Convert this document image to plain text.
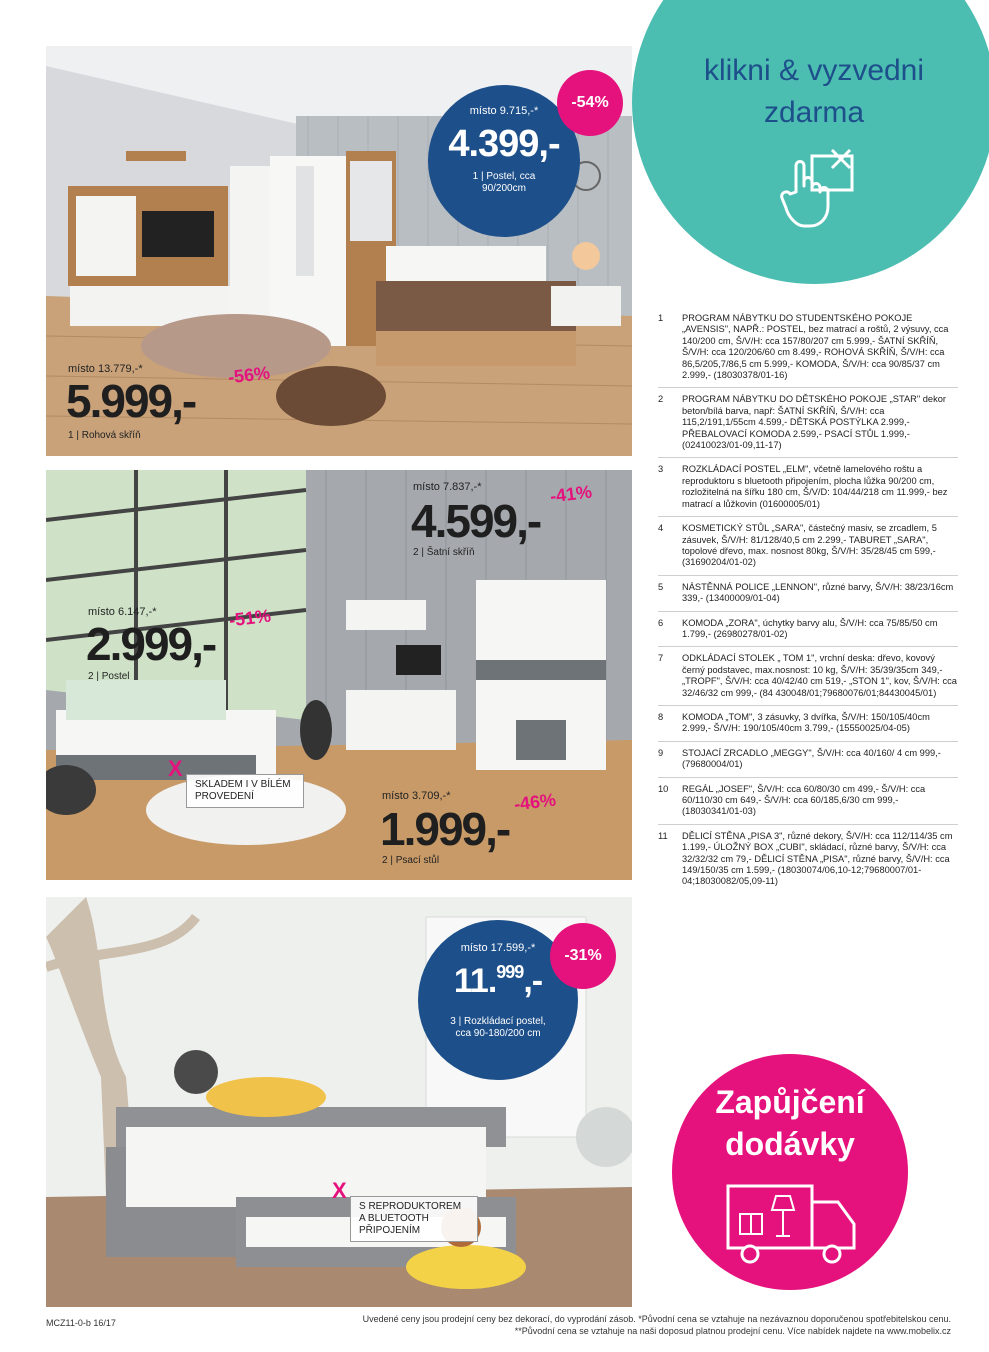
místo 9.715,-*
4.399,-
1 | Postel, cca 90/200cm
-54%
místo 13.779,-*
5.999,- -56%
1 | Rohová skříň
místo 7.837,-*
4.599,-
-41%
2 | Šatní skříň
místo 6.147,-*
2.999,- -51%
2 | Postel
místo 3.709,-*
1.999,-
-46%
2 | Psací stůl
X
SKLADEM I V BÍLÉM PROVEDENÍ
místo 17.599,-*
11.$^{999}$,-
3 | Rozkládací postel, cca 90-180/200 cm
-31%
X
S REPRODUKTOREM A BLUETOOTH PŘIPOJENÍM
klikni & vyzvedni
zdarma
1	PROGRAM NÁBYTKU DO STUDENTSKÉHO POKOJE „AVENSIS", NAPŘ.: POSTEL, bez matrací a roštů, 2 výsuvy, cca 140/200 cm, Š/V/H: cca 157/80/207 cm 5.999,- ŠATNÍ SKŘÍŇ, Š/V/H: cca 120/206/60 cm 8.499,- ROHOVÁ SKŘÍŇ, Š/V/H: cca 86,5/205,7/86,5 cm 5.999,- KOMODA, Š/V/H: cca 90/85/37 cm 2.999,- (18030378/01-16)
2	PROGRAM NÁBYTKU DO DĚTSKÉHO POKOJE „STAR" dekor beton/bílá barva, např: ŠATNÍ SKŘÍŇ, Š/V/H: cca 115,2/191,1/55cm 4.599,- DĚTSKÁ POSTÝLKA 2.999,- PŘEBALOVACÍ KOMODA 2.599,- PSACÍ STŮL 1.999,- (02410023/01-09,11-17)
3	ROZKLÁDACÍ POSTEL „ELM", včetně lamelového roštu a reproduktoru s bluetooth připojením, plocha lůžka 90/200 cm, rozložitelná na šířku 180 cm, Š/V/D: 104/44/218 cm 11.999,- bez matrací a lůžkovin (01600005/01)
4	KOSMETICKÝ STŮL „SARA", částečný masiv, se zrcadlem, 5 zásuvek, Š/V/H: 81/128/40,5 cm 2.299,- TABURET „SARA", topolové dřevo, max. nosnost 80kg, Š/V/H: 35/28/45 cm 599,- (31690204/01-02)
5	NÁSTĚNNÁ POLICE „LENNON", různé barvy, Š/V/H: 38/23/16cm 339,- (13400009/01-04)
6	KOMODA „ZORA", úchytky barvy alu, Š/V/H: cca 75/85/50 cm 1.799,- (26980278/01-02)
7	ODKLÁDACÍ STOLEK „ TOM 1", vrchní deska: dřevo, kovový černý podstavec, max.nosnost: 10 kg, Š/V/H: 35/39/35cm 349,- „TROPF", Š/V/H: cca 40/42/40 cm 519,- „STON 1", kov, Š/V/H: cca 32/46/32 cm 999,- (84 430048/01;79680076/01;84430045/01)
8	KOMODA „TOM", 3 zásuvky, 3 dvířka, Š/V/H: 150/105/40cm 2.999,- Š/V/H: 190/105/40cm 3.799,- (15550025/04-05)
9	STOJACÍ ZRCADLO „MEGGY", Š/V/H: cca 40/160/ 4 cm 999,- (79680004/01)
10	REGÁL „JOSEF", Š/V/H: cca 60/80/30 cm 499,- Š/V/H: cca 60/110/30 cm 649,- Š/V/H: cca 60/185,6/30 cm 999,- (18030341/01-03)
11	DĚLICÍ STĚNA „PISA 3", různé dekory, Š/V/H: cca 112/114/35 cm 1.199,- ÚLOŽNÝ BOX „CUBI", skládací, různé barvy, Š/V/H: cca 32/32/32 cm 79,- DĚLICÍ STĚNA „PISA", různé barvy, Š/V/H: cca 149/150/35 cm 1.599,- (18030074/06,10-12;79680007/01-04;18030082/05,09-11)
Zapůjčení
dodávky
MCZ11-0-b 16/17	Uvedené ceny jsou prodejní ceny bez dekorací, do vyprodání zásob. *Původní cena se vztahuje na nezávaznou doporučenou spotřebitelskou cenu.
**Původní cena se vztahuje na naši doposud platnou prodejní cenu. Více nabídek najdete na www.mobelix.cz
